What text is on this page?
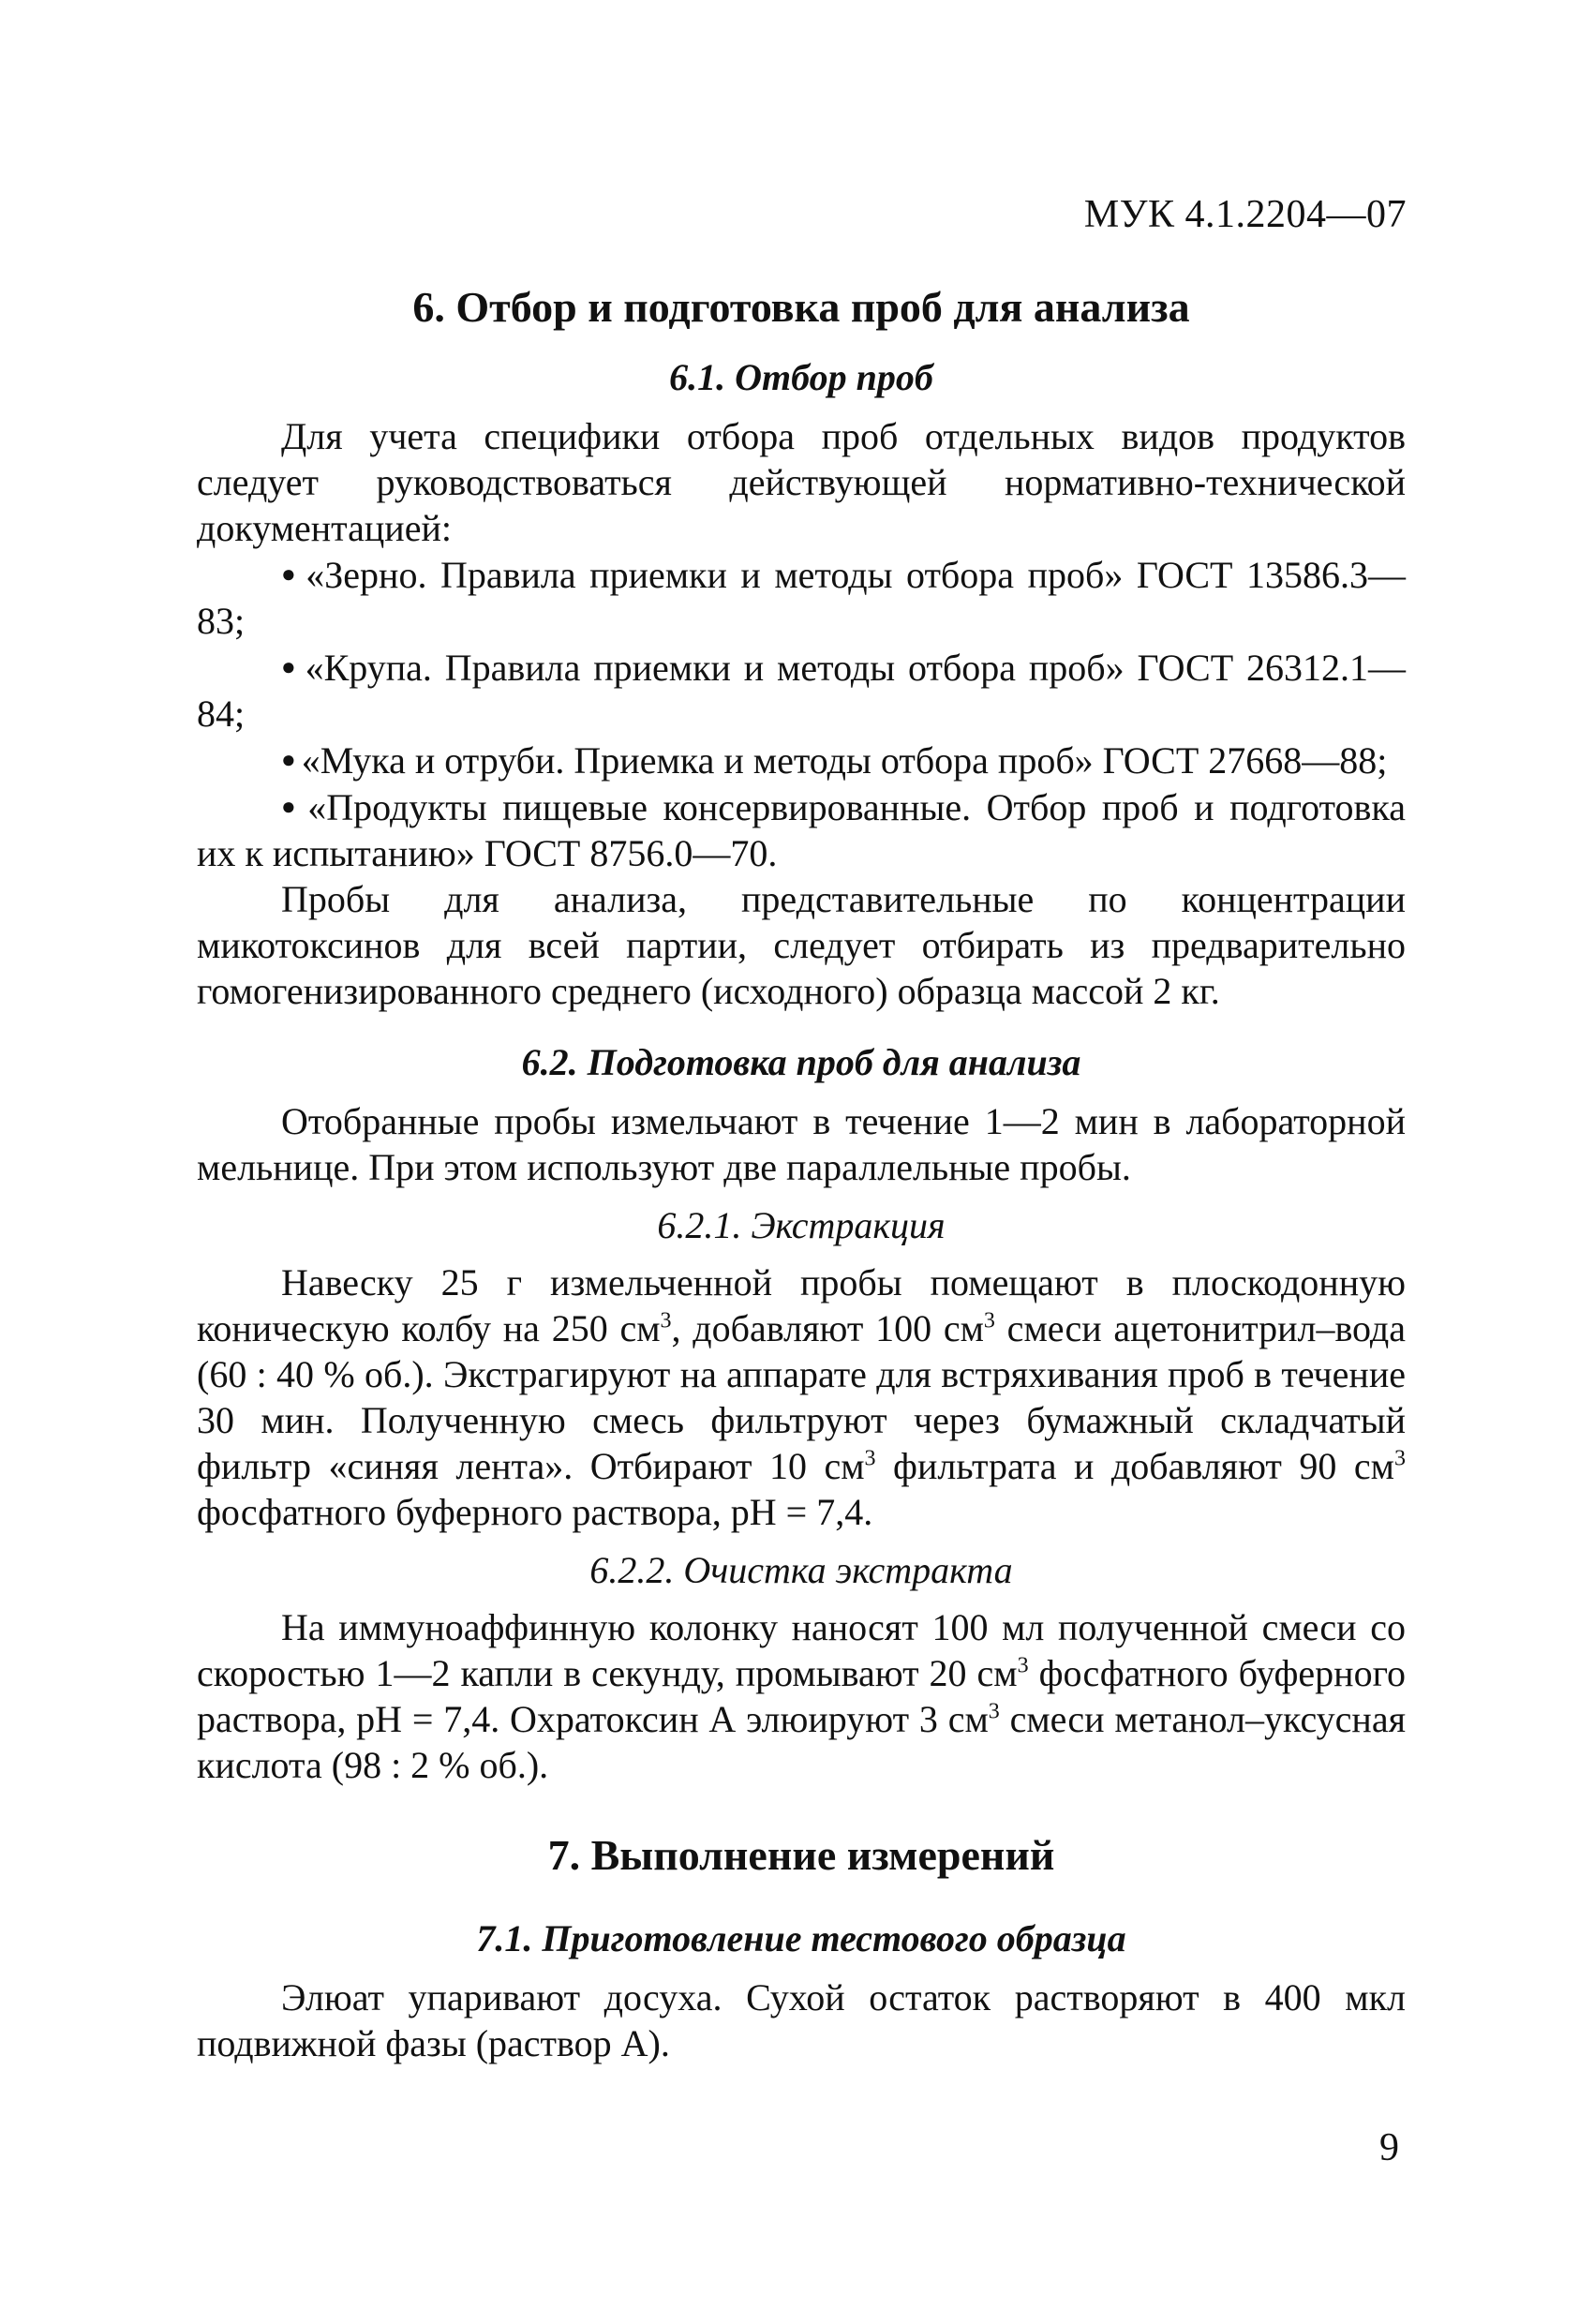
МУК 4.1.2204—07
6. Отбор и подготовка проб для анализа
6.1. Отбор проб

Для учета специфики отбора проб отдельных видов продуктов следует руководствоваться действующей нормативно-технической документацией:

● «Зерно. Правила приемки и методы отбора проб» ГОСТ 13586.3—83;

● «Крупа. Правила приемки и методы отбора проб» ГОСТ 26312.1—84;

● «Мука и отруби. Приемка и методы отбора проб» ГОСТ 27668—88;

● «Продукты пищевые консервированные. Отбор проб и подготовка их к испытанию» ГОСТ 8756.0—70.

Пробы для анализа, представительные по концентрации микотоксинов для всей партии, следует отбирать из предварительно гомогенизированного среднего (исходного) образца массой 2 кг.

6.2. Подготовка проб для анализа

Отобранные пробы измельчают в течение 1—2 мин в лабораторной мельнице. При этом используют две параллельные пробы.

6.2.1. Экстракция

Навеску 25 г измельченной пробы помещают в плоскодонную коническую колбу на 250 $см^3$, добавляют 100 $см^3$ смеси ацетонитрил–вода (60 : 40 % об.). Экстрагируют на аппарате для встряхивания проб в течение 30 мин. Полученную смесь фильтруют через бумажный складчатый фильтр «синяя лента». Отбирают 10 $см^3$ фильтрата и добавляют 90 $см^3$ фосфатного буферного раствора, pH = 7,4.

6.2.2. Очистка экстракта

На иммуноаффинную колонку наносят 100 мл полученной смеси со скоростью 1—2 капли в секунду, промывают 20 $см^3$ фосфатного буферного раствора, pH = 7,4. Охратоксин А элюируют 3 $см^3$ смеси метанол–уксусная кислота (98 : 2 % об.).

7. Выполнение измерений
7.1. Приготовление тестового образца

Элюат упаривают досуха. Сухой остаток растворяют в 400 мкл подвижной фазы (раствор А).

9
